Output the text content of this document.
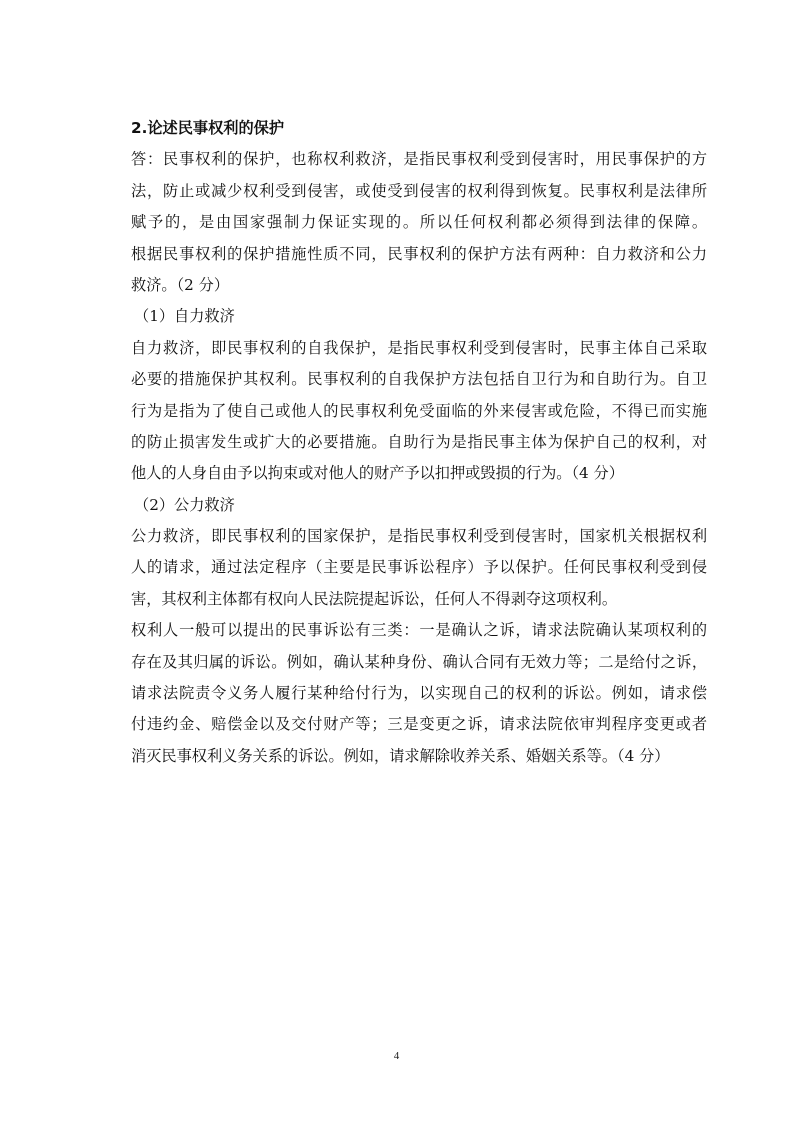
2.论述民事权利的保护
答：民事权利的保护，也称权利救济，是指民事权利受到侵害时，用民事保护的方
法，防止或减少权利受到侵害，或使受到侵害的权利得到恢复。民事权利是法律所
赋予的，是由国家强制力保证实现的。所以任何权利都必须得到法律的保障。
根据民事权利的保护措施性质不同，民事权利的保护方法有两种：自力救济和公力
救济。（2 分）
（1）自力救济
自力救济，即民事权利的自我保护，是指民事权利受到侵害时，民事主体自己采取
必要的措施保护其权利。民事权利的自我保护方法包括自卫行为和自助行为。自卫
行为是指为了使自己或他人的民事权利免受面临的外来侵害或危险，不得已而实施
的防止损害发生或扩大的必要措施。自助行为是指民事主体为保护自己的权利，对
他人的人身自由予以拘束或对他人的财产予以扣押或毁损的行为。（4 分）
（2）公力救济
公力救济，即民事权利的国家保护，是指民事权利受到侵害时，国家机关根据权利
人的请求，通过法定程序（主要是民事诉讼程序）予以保护。任何民事权利受到侵
害，其权利主体都有权向人民法院提起诉讼，任何人不得剥夺这项权利。
权利人一般可以提出的民事诉讼有三类：一是确认之诉，请求法院确认某项权利的
存在及其归属的诉讼。例如，确认某种身份、确认合同有无效力等；二是给付之诉，
请求法院责令义务人履行某种给付行为，以实现自己的权利的诉讼。例如，请求偿
付违约金、赔偿金以及交付财产等；三是变更之诉，请求法院依审判程序变更或者
消灭民事权利义务关系的诉讼。例如，请求解除收养关系、婚姻关系等。（4 分）
4
